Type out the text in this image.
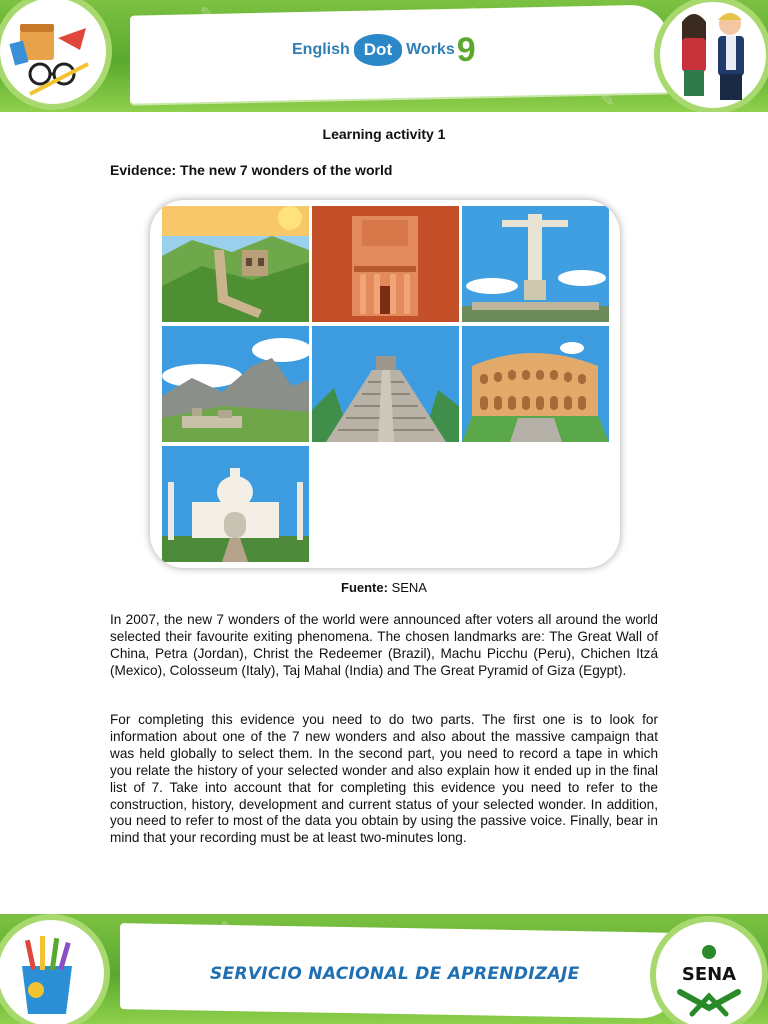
✎
English Dot Works 9
Learning activity 1
Evidence: The new 7 wonders of the world
Fuente: SENA
In 2007, the new 7 wonders of the world were announced after voters all around the world selected their favourite exiting phenomena. The chosen landmarks are: The Great Wall of China, Petra (Jordan), Christ the Redeemer (Brazil), Machu Picchu (Peru), Chichen Itzá (Mexico), Colosseum (Italy), Taj Mahal (India) and The Great Pyramid of Giza (Egypt).
For completing this evidence you need to do two parts. The first one is to look for information about one of the 7 new wonders and also about the massive campaign that was held globally to select them. In the second part, you need to record a tape in which you relate the history of your selected wonder and also explain how it ended up in the final list of 7. Take into account that for completing this evidence you need to refer to the construction, history, development and current status of your selected wonder. In addition, you need to refer to most of the data you obtain by using the passive voice. Finally, bear in mind that your recording must be at least two-minutes long.
SENA
SERVICIO NACIONAL DE APRENDIZAJE
